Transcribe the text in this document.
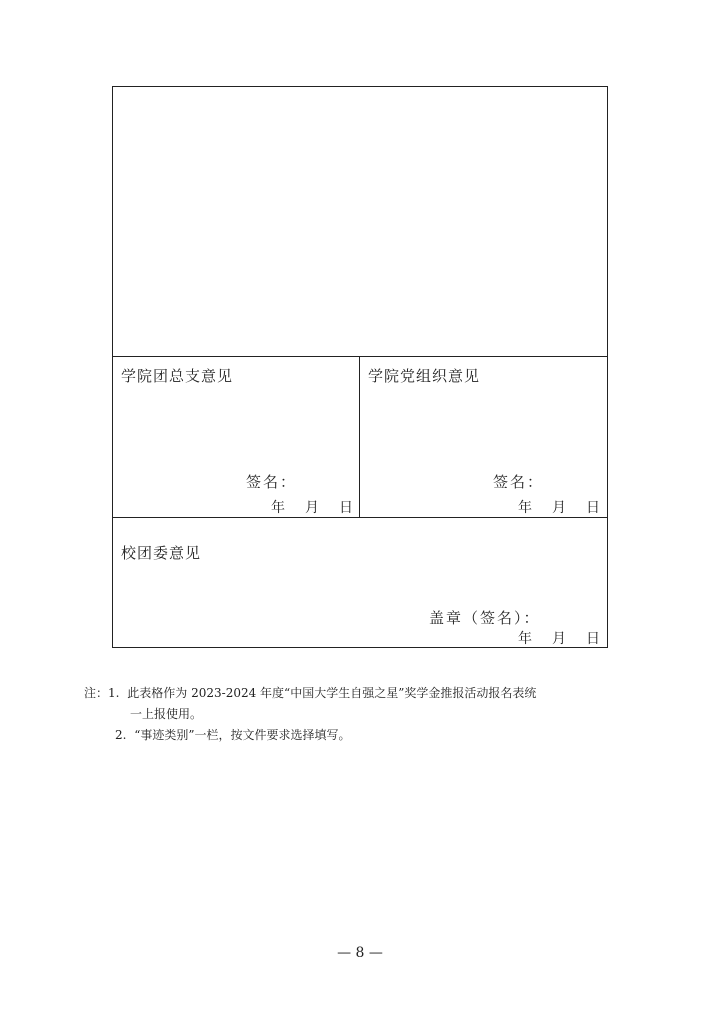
学院团总支意见
签名：
年	月	日
学院党组织意见
签名：
年	月	日
校团委意见
盖章（签名）：
年	月	日
注：1. 此表格作为 2023-2024 年度“中国大学生自强之星”奖学金推报活动报名表统
一上报使用。
2. “事迹类别”一栏，按文件要求选择填写。
— 8 —
